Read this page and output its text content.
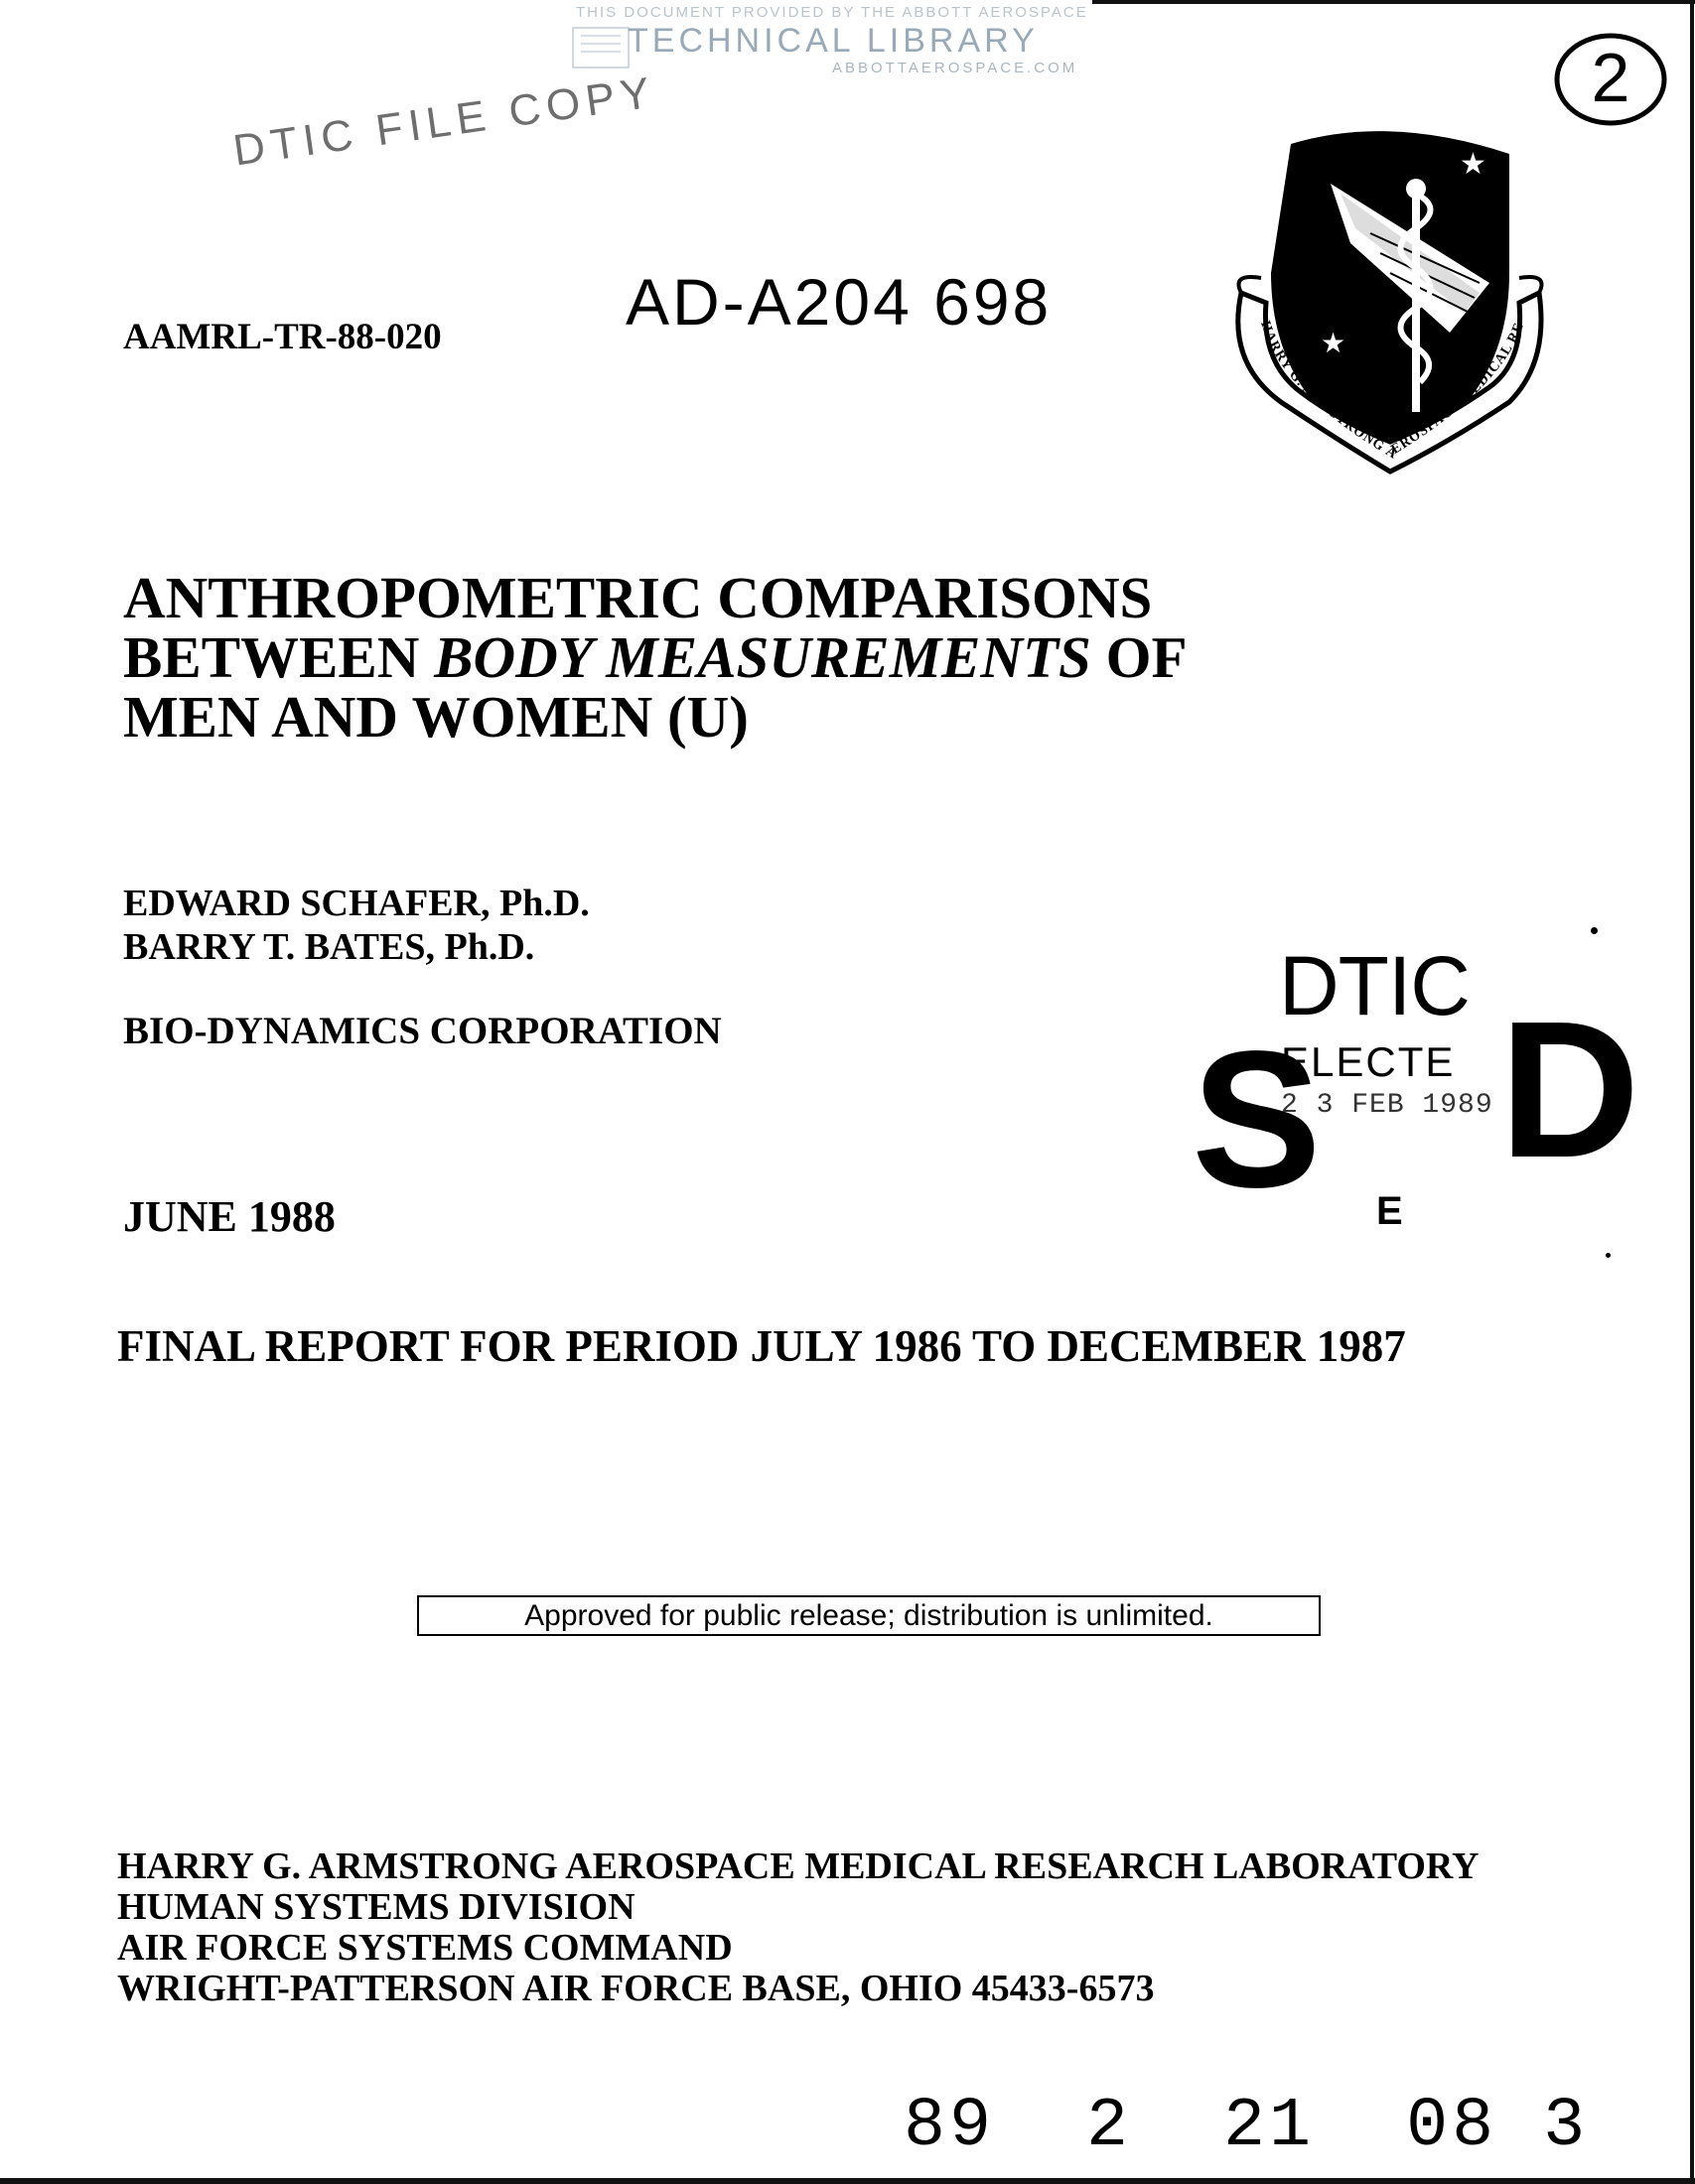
THIS DOCUMENT PROVIDED BY THE ABBOTT AEROSPACE
TECHNICAL LIBRARY
ABBOTTAEROSPACE.COM
DTIC FILE COPY	2
AAMRL-TR-88-020	AD-A204 698
★
★
★
HARRY G. ARMSTRONG AEROSPACE MEDICAL RE
ANTHROPOMETRIC COMPARISONS
BETWEEN BODY MEASUREMENTS OF
MEN AND WOMEN (U)
EDWARD SCHAFER, Ph.D.
BARRY T. BATES, Ph.D.
BIO-DYNAMICS CORPORATION	DTIC
S
ELECTE
2 3 FEB 1989 D
E
JUNE 1988
FINAL REPORT FOR PERIOD JULY 1986 TO DECEMBER 1987
Approved for public release; distribution is unlimited.
HARRY G. ARMSTRONG AEROSPACE MEDICAL RESEARCH LABORATORY
HUMAN SYSTEMS DIVISION
AIR FORCE SYSTEMS COMMAND
WRIGHT-PATTERSON AIR FORCE BASE, OHIO 45433-6573
89  2  21  08 3
